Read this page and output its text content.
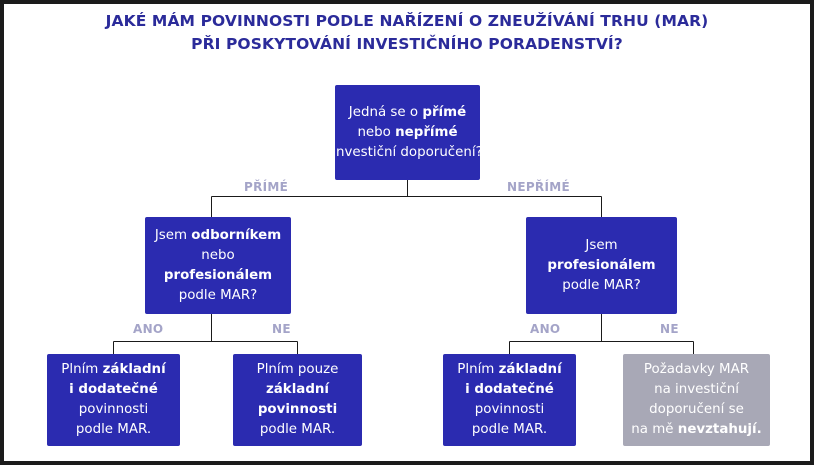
JAKÉ MÁM POVINNOSTI PODLE NAŘÍZENÍ O ZNEUŽÍVÁNÍ TRHU (MAR)
PŘI POSKYTOVÁNÍ INVESTIČNÍHO PORADENSTVÍ?
Jedná se o přímé
nebo nepřímé
investiční doporučení?
PŘÍMÉ	NEPŘÍMÉ
Jsem odborníkem
nebo
profesionálem
podle MAR?
Jsem
profesionálem
podle MAR?
ANO	NE	ANO	NE
Plním základní
i dodatečné
povinnosti
podle MAR.
Plním pouze
základní
povinnosti
podle MAR.
Plním základní
i dodatečné
povinnosti
podle MAR.
Požadavky MAR
na investiční
doporučení se
na mě nevztahují.
